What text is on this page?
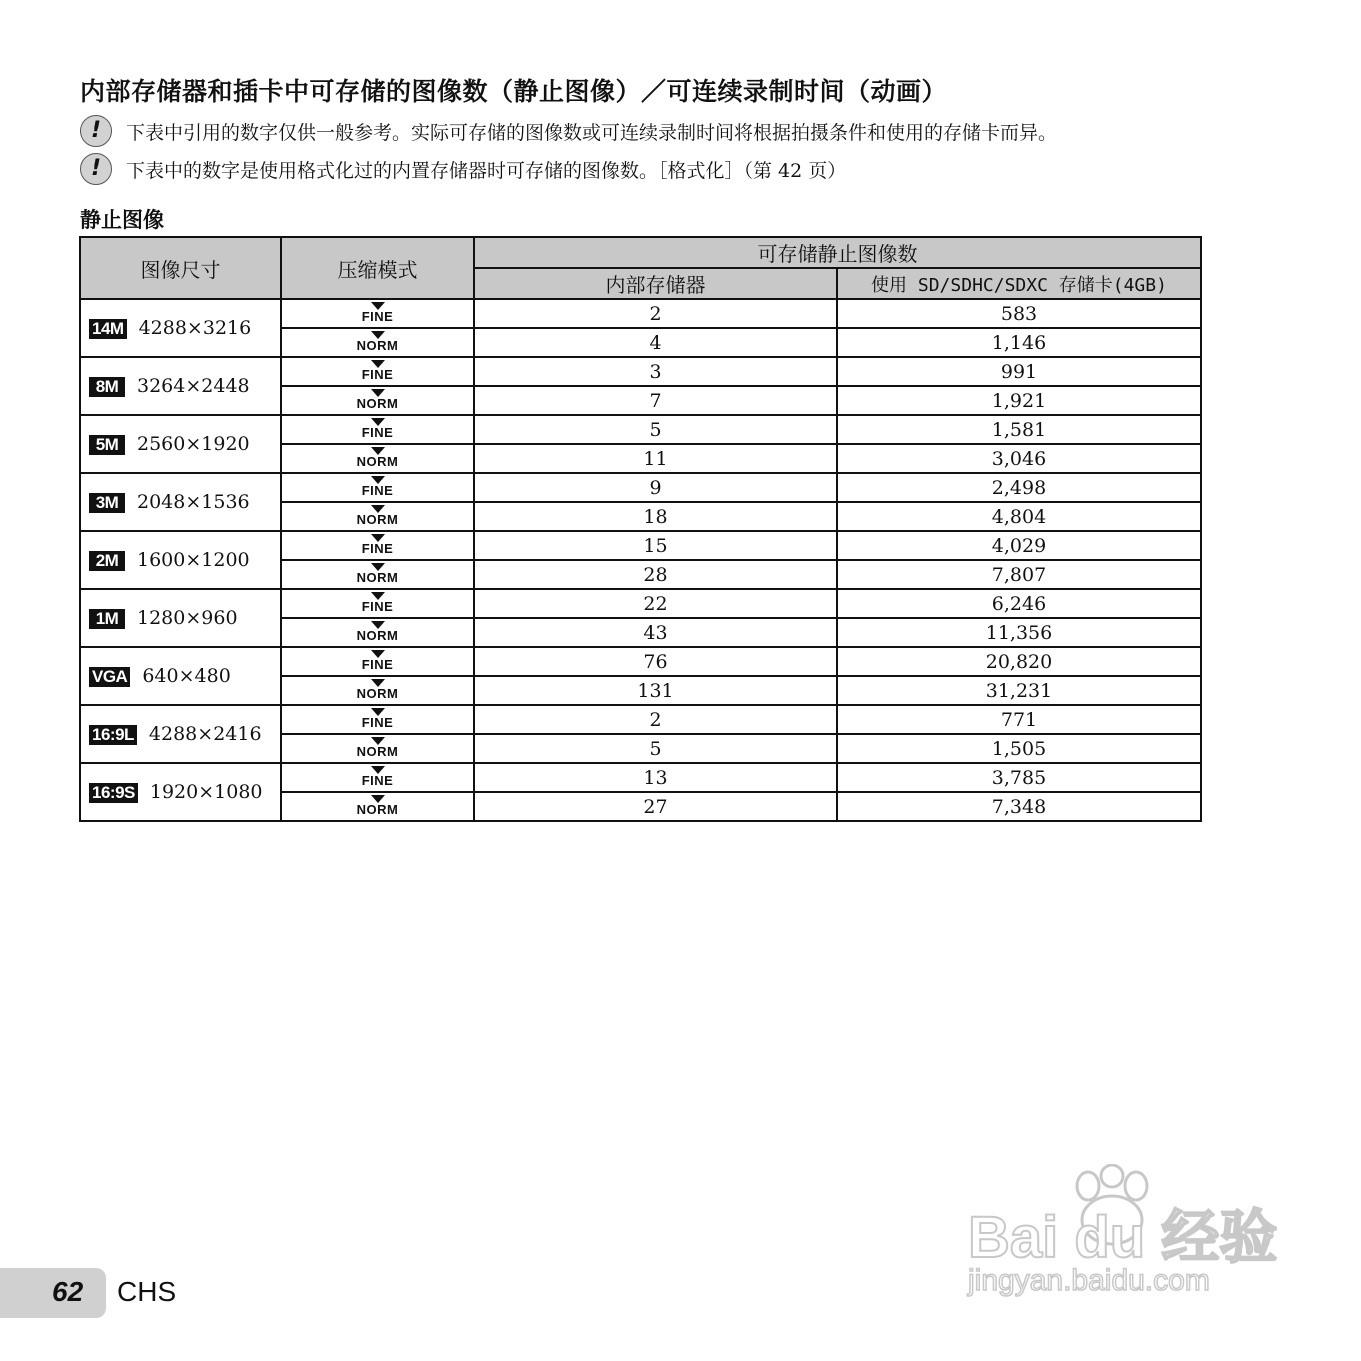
内部存储器和插卡中可存储的图像数（静止图像）／可连续录制时间（动画）
! 下表中引用的数字仅供一般参考。实际可存储的图像数或可连续录制时间将根据拍摄条件和使用的存储卡而异。
! 下表中的数字是使用格式化过的内置存储器时可存储的图像数。［格式化］（第 42 页）
静止图像
图像尺寸	压缩模式	可存储静止图像数	
		内部存储器	使用 SD/SDHC/SDXC 存储卡(4GB)
14M 4288×3216	FINE	2	583

NORM	4	1,146
8M 3264×2448	FINE	3	991

NORM	7	1,921
5M 2560×1920	FINE	5	1,581

NORM	11	3,046
3M 2048×1536	FINE	9	2,498

NORM	18	4,804
2M 1600×1200	FINE	15	4,029

NORM	28	7,807
1M 1280×960	FINE	22	6,246

NORM	43	11,356
VGA 640×480	FINE	76	20,820

NORM	131	31,231
16:9L 4288×2416	FINE	2	771

NORM	5	1,505
16:9S 1920×1080	FINE	13	3,785

NORM	27	7,348
62 CHS
Bai du 经验
jingyan.baidu.com
